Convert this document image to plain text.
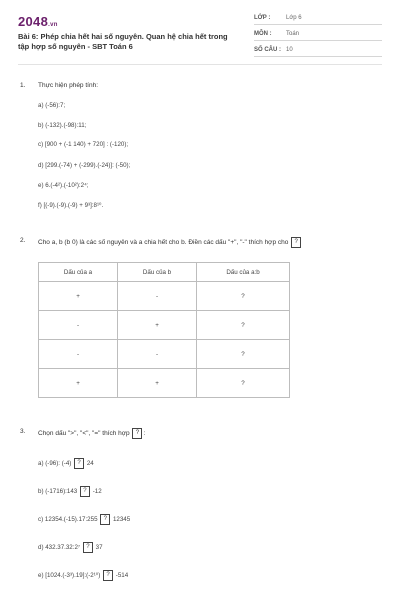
2048.vn
Bài 6: Phép chia hết hai số nguyên. Quan hệ chia hết trong tập hợp số nguyên - SBT Toán 6
LỚP :	Lớp 6
MÔN :	Toán
SỐ CÂU : 10
1. Thực hiện phép tính:
a) (-56):7;
b) (-132).(-98):11;
c) [900 + (-1 140) + 720] : (-120);
d) [299.(-74) + (-299).(-24)]: (-50);
e) 6.(-4²).(-10²):2⁴;
f) [(-9).(-9).(-9) + 9³]:8¹⁰.
2. Cho a, b (b 0) là các số nguyên và a chia hết cho b. Điền các dấu "+", "-" thích hợp cho ?
Dấu của a	Dấu của b	Dấu của a:b
+	-	?
-	+	?
-	-	?
+	+	?
3. Chọn dấu ">", "<", "=" thích hợp ? :
a) (-96): (-4) ? 24
b) (-1716):143 ? -12
c) 12354.(-15).17:255 ? 12345
d) 432.37.32:2⁷ ? 37
e) [1024.(-3³).19]:(-2¹⁰) ? -514
